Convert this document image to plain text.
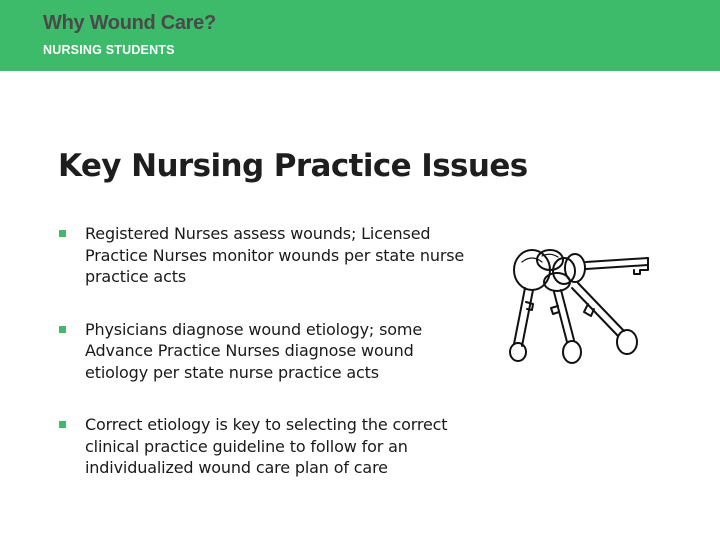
Why Wound Care?
NURSING STUDENTS
Key Nursing Practice Issues
Registered Nurses assess wounds; Licensed Practice Nurses monitor wounds per state nurse practice acts
Physicians diagnose wound etiology; some Advance Practice Nurses diagnose wound etiology per state nurse practice acts
Correct etiology is key to selecting the correct clinical practice guideline to follow for an individualized wound care plan of care
